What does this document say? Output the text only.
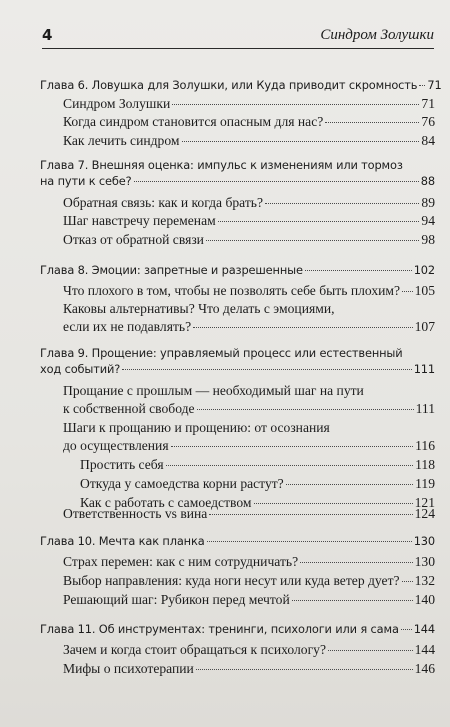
4	Синдром Золушки
Глава 6. Ловушка для Золушки, или Куда приводит скромность 71
Синдром Золушки	71
Когда синдром становится опасным для нас?	76
Как лечить синдром	84
Глава 7. Внешняя оценка: импульс к изменениям или тормоз
на пути к себе?	88
Обратная связь: как и когда брать?	89
Шаг навстречу переменам	94
Отказ от обратной связи	98
Глава 8. Эмоции: запретные и разрешенные	102
Что плохого в том, чтобы не позволять себе быть плохим? 105
Каковы альтернативы? Что делать с эмоциями,
если их не подавлять?	107
Глава 9. Прощение: управляемый процесс или естественный
ход событий?	111
Прощание с прошлым — необходимый шаг на пути
к собственной свободе	111
Шаги к прощанию и прощению: от осознания
до осуществления	116
Простить себя	118
Откуда у самоедства корни растут?	119
Как с работать с самоедством	121
Ответственность vs вина	124
Глава 10. Мечта как планка	130
Страх перемен: как с ним сотрудничать?	130
Выбор направления: куда ноги несут или куда ветер дует? 132
Решающий шаг: Рубикон перед мечтой	140
Глава 11. Об инструментах: тренинги, психологи или я сама 144
Зачем и когда стоит обращаться к психологу?	144
Мифы о психотерапии	146
